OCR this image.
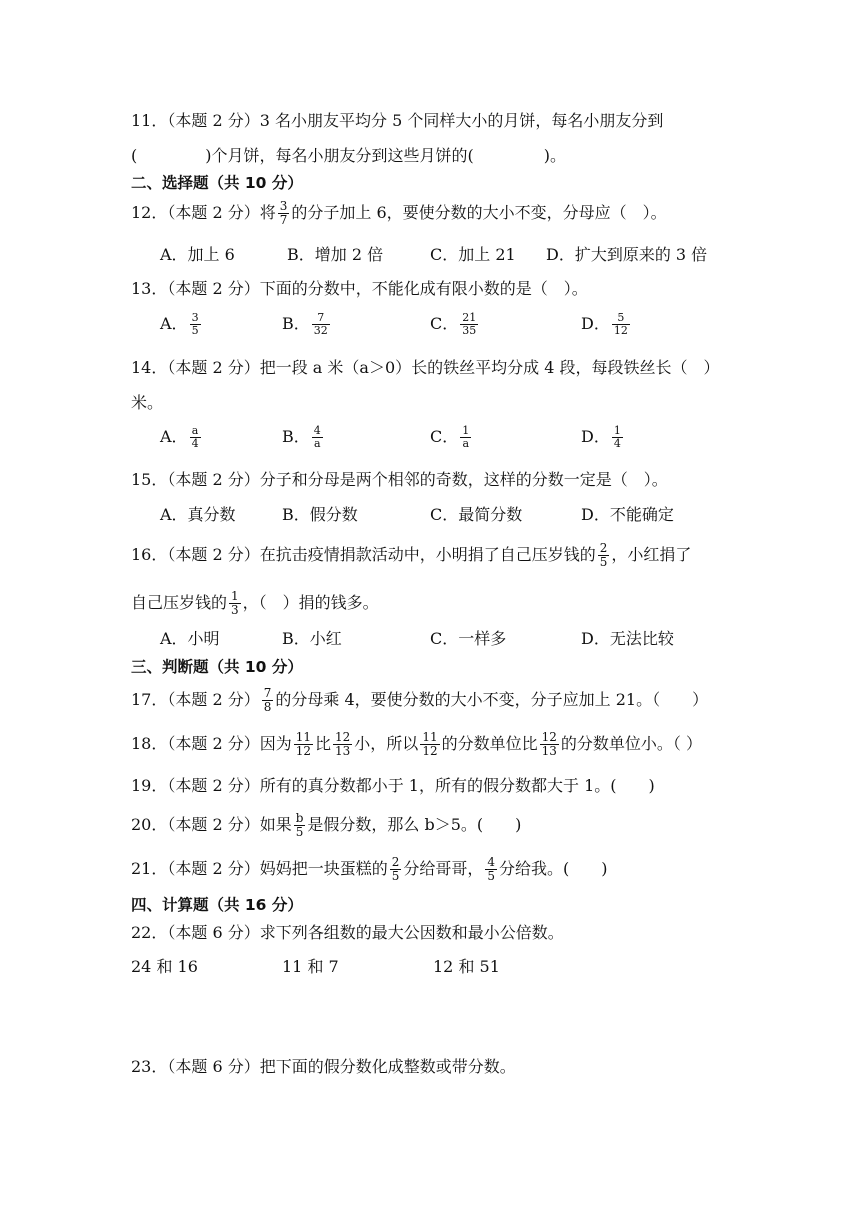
11．（本题 2 分）3 名小朋友平均分 5 个同样大小的月饼，每名小朋友分到
(	)个月饼，每名小朋友分到这些月饼的(	)。
二、选择题（共 10 分）
12．（本题 2 分）将 $\frac{3}{7}$ 的分子加上 6，要使分数的大小不变，分母应（　）。
A．加上 6	B．增加 2 倍	C．加上 21 D．扩大到原来的 3 倍
13．（本题 2 分）下面的分数中，不能化成有限小数的是（　）。
A． $\frac{3}{5}$	B． $\frac{7}{32}$	C． $\frac{21}{35}$	D． $\frac{5}{12}$
14．（本题 2 分）把一段 a 米（a＞0）长的铁丝平均分成 4 段，每段铁丝长（　）
米。
A． $\frac{a}{4}$	B． $\frac{4}{a}$	C． $\frac{1}{a}$	D． $\frac{1}{4}$
15．（本题 2 分）分子和分母是两个相邻的奇数，这样的分数一定是（　）。
A．真分数	B．假分数	C．最简分数	D．不能确定
16．（本题 2 分）在抗击疫情捐款活动中，小明捐了自己压岁钱的 $\frac{2}{5}$ ，小红捐了
自己压岁钱的 $\frac{1}{3}$ ，（　）捐的钱多。
A．小明	B．小红	C．一样多	D．无法比较
三、判断题（共 10 分）
17．（本题 2 分） $\frac{7}{8}$ 的分母乘 4，要使分数的大小不变，分子应加上 21。（　　）
18．（本题 2 分）因为 $\frac{11}{12}$ 比 $\frac{12}{13}$ 小，所以 $\frac{11}{12}$ 的分数单位比 $\frac{12}{13}$ 的分数单位小。（ ）
19．（本题 2 分）所有的真分数都小于 1，所有的假分数都大于 1。(　　)
20．（本题 2 分）如果 $\frac{b}{5}$ 是假分数，那么 b＞5。(　　)
21．（本题 2 分）妈妈把一块蛋糕的 $\frac{2}{5}$ 分给哥哥， $\frac{4}{5}$ 分给我。(　　)
四、计算题（共 16 分）
22．（本题 6 分）求下列各组数的最大公因数和最小公倍数。
24 和 16	11 和 7	12 和 51
23．（本题 6 分）把下面的假分数化成整数或带分数。
